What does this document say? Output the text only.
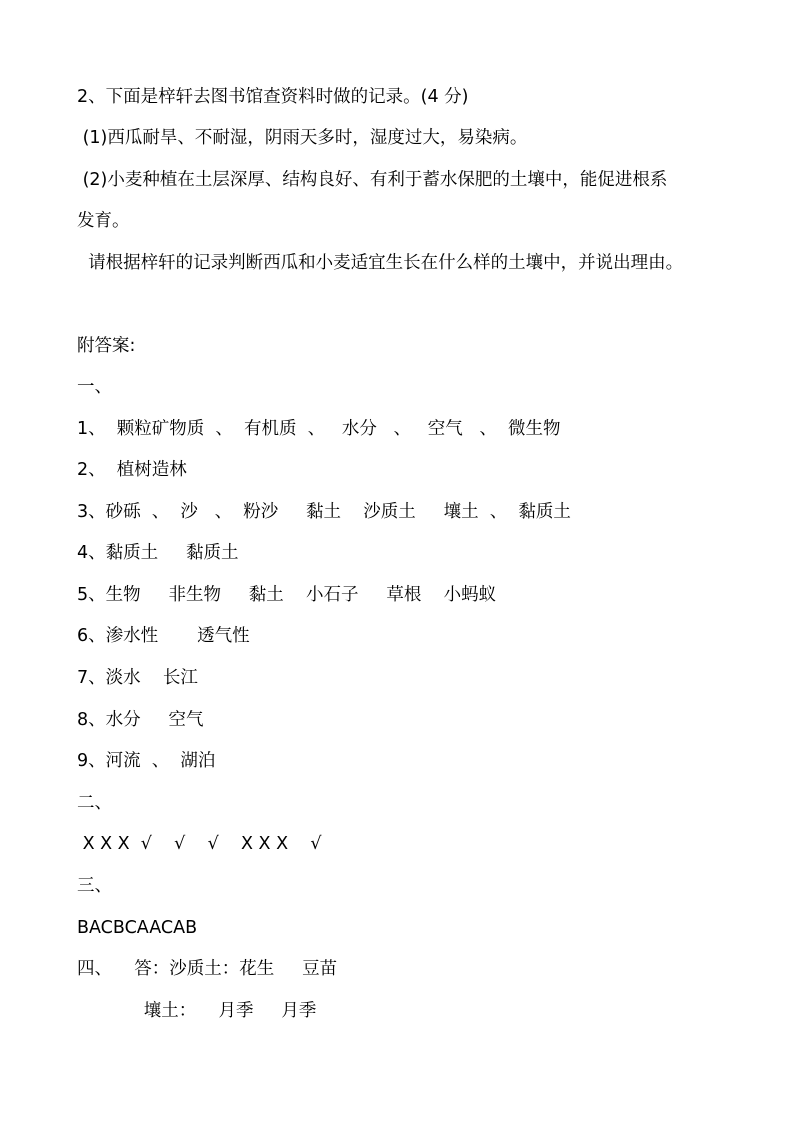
2、下面是梓轩去图书馆查资料时做的记录。(4 分)
(1)西瓜耐旱、不耐湿，阴雨天多时，湿度过大，易染病。
(2)小麦种植在土层深厚、结构良好、有利于蓄水保肥的土壤中，能促进根系
发育。
请根据梓轩的记录判断西瓜和小麦适宜生长在什么样的土壤中，并说出理由。
附答案:
一、
1、  颗粒矿物质  、  有机质  、   水分   、   空气   、  微生物
2、  植树造林
3、砂砾  、  沙   、  粉沙     黏土    沙质土     壤土  、  黏质土
4、黏质土     黏质土
5、生物     非生物     黏土    小石子     草根    小蚂蚁
6、渗水性       透气性
7、淡水    长江
8、水分     空气
9、河流  、  湖泊
二、
X X X  √    √    √    X X X    √
三、
BACBCAACAB
四、    答：沙质土：花生     豆苗
壤土：    月季     月季
